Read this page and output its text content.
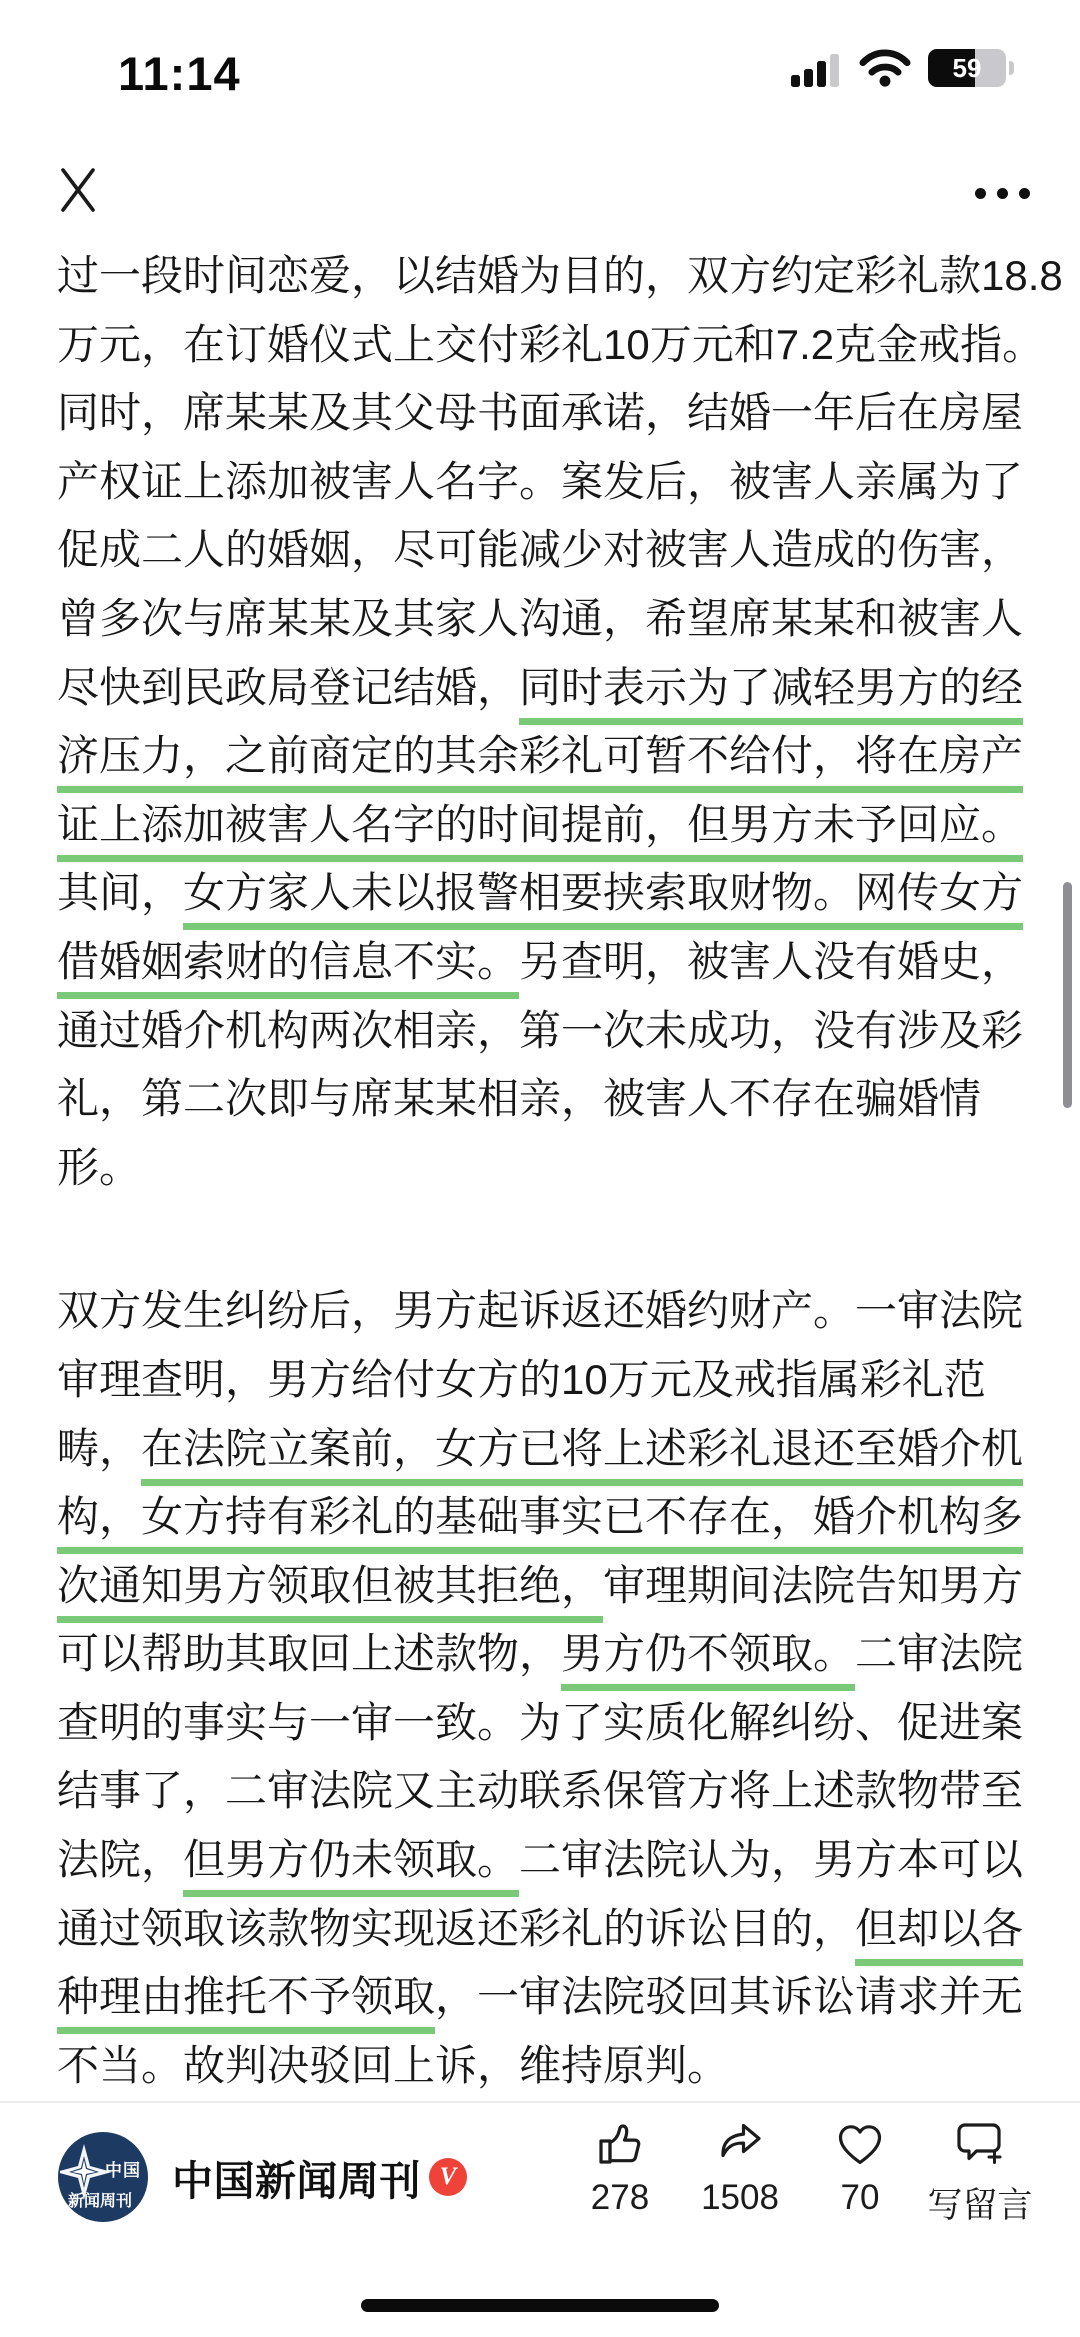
11:14	59
过一段时间恋爱，以结婚为目的，双方约定彩礼款18.8
万元，在订婚仪式上交付彩礼10万元和7.2克金戒指。
同时，席某某及其父母书面承诺，结婚一年后在房屋
产权证上添加被害人名字。案发后，被害人亲属为了
促成二人的婚姻，尽可能减少对被害人造成的伤害，
曾多次与席某某及其家人沟通，希望席某某和被害人
尽快到民政局登记结婚，同时表示为了减轻男方的经
济压力，之前商定的其余彩礼可暂不给付，将在房产
证上添加被害人名字的时间提前，但男方未予回应。
其间，女方家人未以报警相要挟索取财物。网传女方
借婚姻索财的信息不实。另查明，被害人没有婚史，
通过婚介机构两次相亲，第一次未成功，没有涉及彩
礼，第二次即与席某某相亲，被害人不存在骗婚情
形。
双方发生纠纷后，男方起诉返还婚约财产。一审法院
审理查明，男方给付女方的10万元及戒指属彩礼范
畴，在法院立案前，女方已将上述彩礼退还至婚介机
构，女方持有彩礼的基础事实已不存在，婚介机构多
次通知男方领取但被其拒绝，审理期间法院告知男方
可以帮助其取回上述款物，男方仍不领取。二审法院
查明的事实与一审一致。为了实质化解纠纷、促进案
结事了，二审法院又主动联系保管方将上述款物带至
法院，但男方仍未领取。二审法院认为，男方本可以
通过领取该款物实现返还彩礼的诉讼目的，但却以各
种理由推托不予领取，一审法院驳回其诉讼请求并无
不当。故判决驳回上诉，维持原判。
中国
新闻周刊 中国新闻周刊 V
278	1508	70	写留言
